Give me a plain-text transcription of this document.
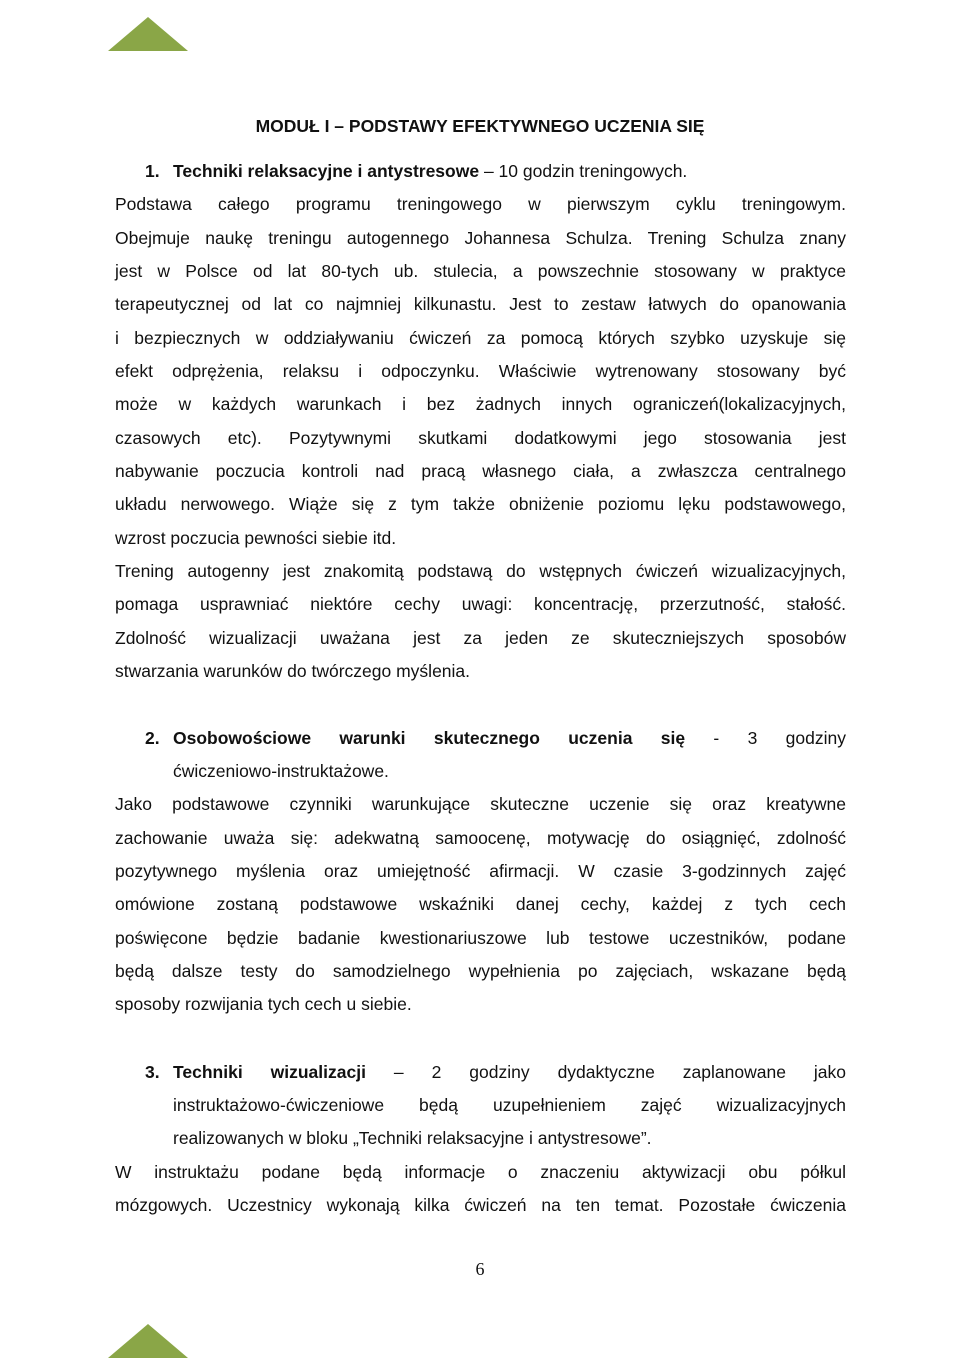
MODUŁ I – PODSTAWY EFEKTYWNEGO UCZENIA SIĘ
1. Techniki relaksacyjne i antystresowe – 10 godzin treningowych.
Podstawa całego programu treningowego w pierwszym cyklu treningowym.
Obejmuje naukę treningu autogennego Johannesa Schulza. Trening Schulza znany
jest w Polsce od lat 80-tych ub. stulecia, a powszechnie stosowany w praktyce
terapeutycznej od lat co najmniej kilkunastu. Jest to zestaw łatwych do opanowania
i bezpiecznych w oddziaływaniu ćwiczeń za pomocą których szybko uzyskuje się
efekt odprężenia, relaksu i odpoczynku. Właściwie wytrenowany stosowany być
może w każdych warunkach i bez żadnych innych ograniczeń(lokalizacyjnych,
czasowych etc). Pozytywnymi skutkami dodatkowymi jego stosowania jest
nabywanie poczucia kontroli nad pracą własnego ciała, a zwłaszcza centralnego
układu nerwowego. Wiąże się z tym także obniżenie poziomu lęku podstawowego,
wzrost poczucia pewności siebie itd.
Trening autogenny jest znakomitą podstawą do wstępnych ćwiczeń wizualizacyjnych,
pomaga usprawniać niektóre cechy uwagi: koncentrację, przerzutność, stałość.
Zdolność wizualizacji uważana jest za jeden ze skuteczniejszych sposobów
stwarzania warunków do twórczego myślenia.
2. Osobowościowe warunki skutecznego uczenia się - 3 godziny
ćwiczeniowo-instruktażowe.
Jako podstawowe czynniki warunkujące skuteczne uczenie się oraz kreatywne
zachowanie uważa się: adekwatną samoocenę, motywację do osiągnięć, zdolność
pozytywnego myślenia oraz umiejętność afirmacji. W czasie 3-godzinnych zajęć
omówione zostaną podstawowe wskaźniki danej cechy, każdej z tych cech
poświęcone będzie badanie kwestionariuszowe lub testowe uczestników, podane
będą dalsze testy do samodzielnego wypełnienia po zajęciach, wskazane będą
sposoby rozwijania tych cech u siebie.
3. Techniki wizualizacji – 2 godziny dydaktyczne zaplanowane jako
instruktażowo-ćwiczeniowe będą uzupełnieniem zajęć wizualizacyjnych
realizowanych w bloku „Techniki relaksacyjne i antystresowe”.
W instruktażu podane będą informacje o znaczeniu aktywizacji obu półkul
mózgowych. Uczestnicy wykonają kilka ćwiczeń na ten temat. Pozostałe ćwiczenia
6
